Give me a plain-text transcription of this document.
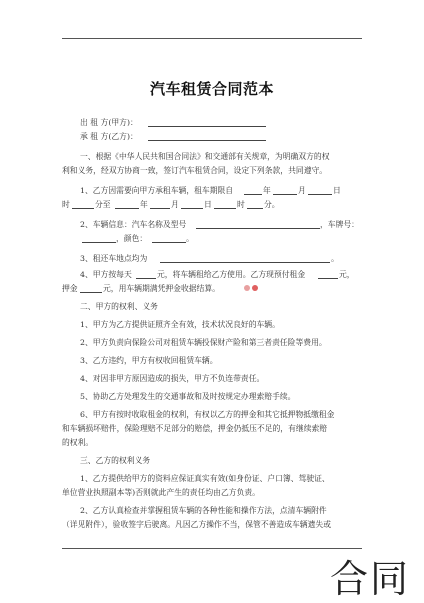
汽车租赁合同范本
出 租 方(甲方)：
承 租 方(乙方)：
一、根据《中华人民共和国合同法》和交通部有关规章，为明确双方的权
利和义务，经双方协商一致，签订汽车租赁合同，设定下列条款，共同遵守。
1、乙方因需要向甲方承租车辆，租车期限自	年	月	日
时	分至	年	月	日	时 分。
2、车辆信息：汽车名称及型号	，车牌号：
，颜色：	。
3、租还车地点均为	。
4、甲方按每天	元，将车辆租给乙方使用。乙方现预付租金	元，
押金	元，用车辆期满凭押金收据结算。
二、甲方的权利、义务
1、甲方为乙方提供证照齐全有效，技术状况良好的车辆。
2、甲方负责向保险公司对租赁车辆投保财产险和第三者责任险等费用。
3、乙方违约，甲方有权收回租赁车辆。
4、对因非甲方原因造成的损失，甲方不负连带责任。
5、协助乙方处理发生的交通事故和及时按规定办理索赔手续。
6、甲方有按时收取租金的权利，有权以乙方的押金和其它抵押物抵缴租金
和车辆损坏赔件，保险理赔不足部分的赔偿，押金仍抵压不足的，有继续索赔
的权利。
三、乙方的权利义务
1、乙方提供给甲方的资料应保证真实有效(如身份证、户口簿、驾驶证、
单位营业执照副本等)否则就此产生的责任均由乙方负责。
2、乙方认真检查并掌握租赁车辆的各种性能和操作方法，点清车辆附件
（详见附件），验收签字后驶离。凡因乙方操作不当，保管不善造成车辆遗失或
合同
